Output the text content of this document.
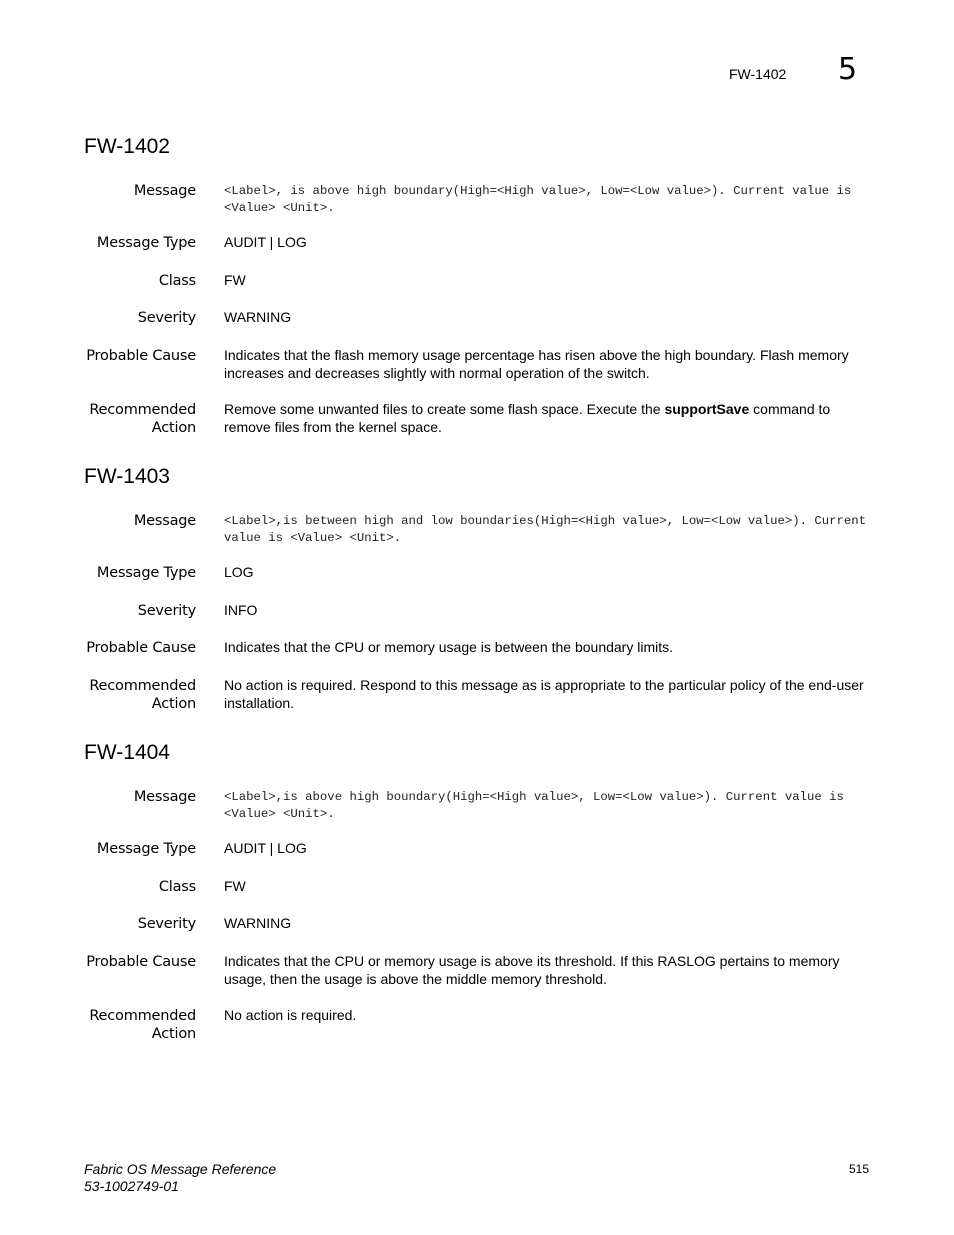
FW-1402 5
FW-1402
Message <Label>, is above high boundary(High=<High value>, Low=<Low value>). Current value is <Value> <Unit>.
Message Type AUDIT | LOG
Class FW
Severity WARNING
Probable Cause Indicates that the flash memory usage percentage has risen above the high boundary. Flash memory increases and decreases slightly with normal operation of the switch.
Recommended
Action
Remove some unwanted files to create some flash space. Execute the supportSave command to remove files from the kernel space.
FW-1403
Message <Label>,is between high and low boundaries(High=<High value>, Low=<Low value>). Current value is <Value> <Unit>.
Message Type LOG
Severity INFO
Probable Cause Indicates that the CPU or memory usage is between the boundary limits.
Recommended
Action
No action is required. Respond to this message as is appropriate to the particular policy of the end-user installation.
FW-1404
Message <Label>,is above high boundary(High=<High value>, Low=<Low value>). Current value is <Value> <Unit>.
Message Type AUDIT | LOG
Class FW
Severity WARNING
Probable Cause Indicates that the CPU or memory usage is above its threshold. If this RASLOG pertains to memory usage, then the usage is above the middle memory threshold.
Recommended
Action
No action is required.
Fabric OS Message Reference
53-1002749-01
515
